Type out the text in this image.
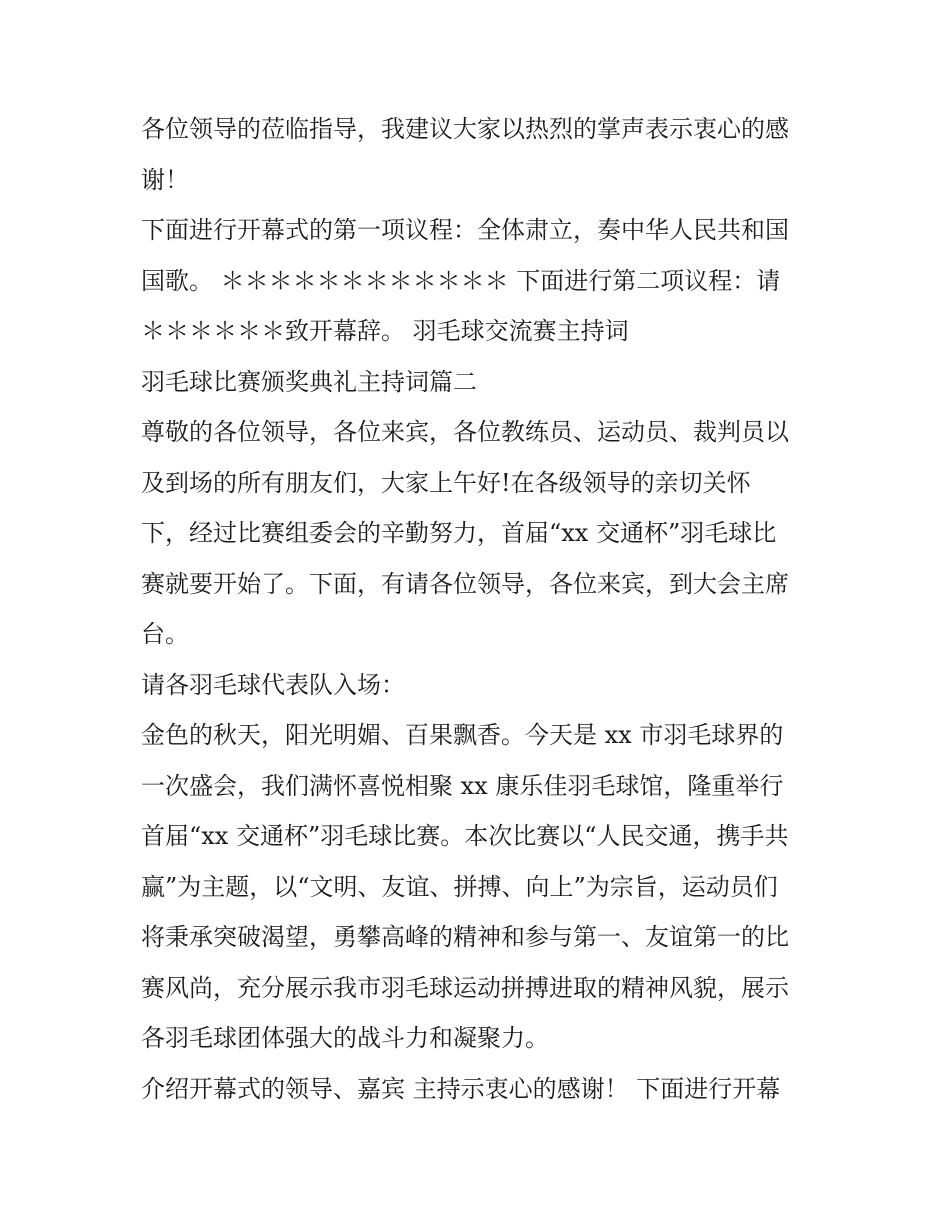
各位领导的莅临指导，我建议大家以热烈的掌声表示衷心的感
谢！
下面进行开幕式的第一项议程：全体肃立，奏中华人民共和国
国歌。 ＊＊＊＊＊＊＊＊＊＊＊＊ 下面进行第二项议程：请
＊＊＊＊＊＊致开幕辞。 羽毛球交流赛主持词
羽毛球比赛颁奖典礼主持词篇二
尊敬的各位领导，各位来宾，各位教练员、运动员、裁判员以
及到场的所有朋友们，大家上午好!在各级领导的亲切关怀
下，经过比赛组委会的辛勤努力，首届“xx 交通杯”羽毛球比
赛就要开始了。下面，有请各位领导，各位来宾，到大会主席
台。
请各羽毛球代表队入场：
金色的秋天，阳光明媚、百果飘香。今天是 xx 市羽毛球界的
一次盛会，我们满怀喜悦相聚 xx 康乐佳羽毛球馆，隆重举行
首届“xx 交通杯”羽毛球比赛。本次比赛以“人民交通，携手共
赢”为主题，以“文明、友谊、拼搏、向上”为宗旨，运动员们
将秉承突破渴望，勇攀高峰的精神和参与第一、友谊第一的比
赛风尚，充分展示我市羽毛球运动拼搏进取的精神风貌，展示
各羽毛球团体强大的战斗力和凝聚力。
介绍开幕式的领导、嘉宾 主持示衷心的感谢！ 下面进行开幕
